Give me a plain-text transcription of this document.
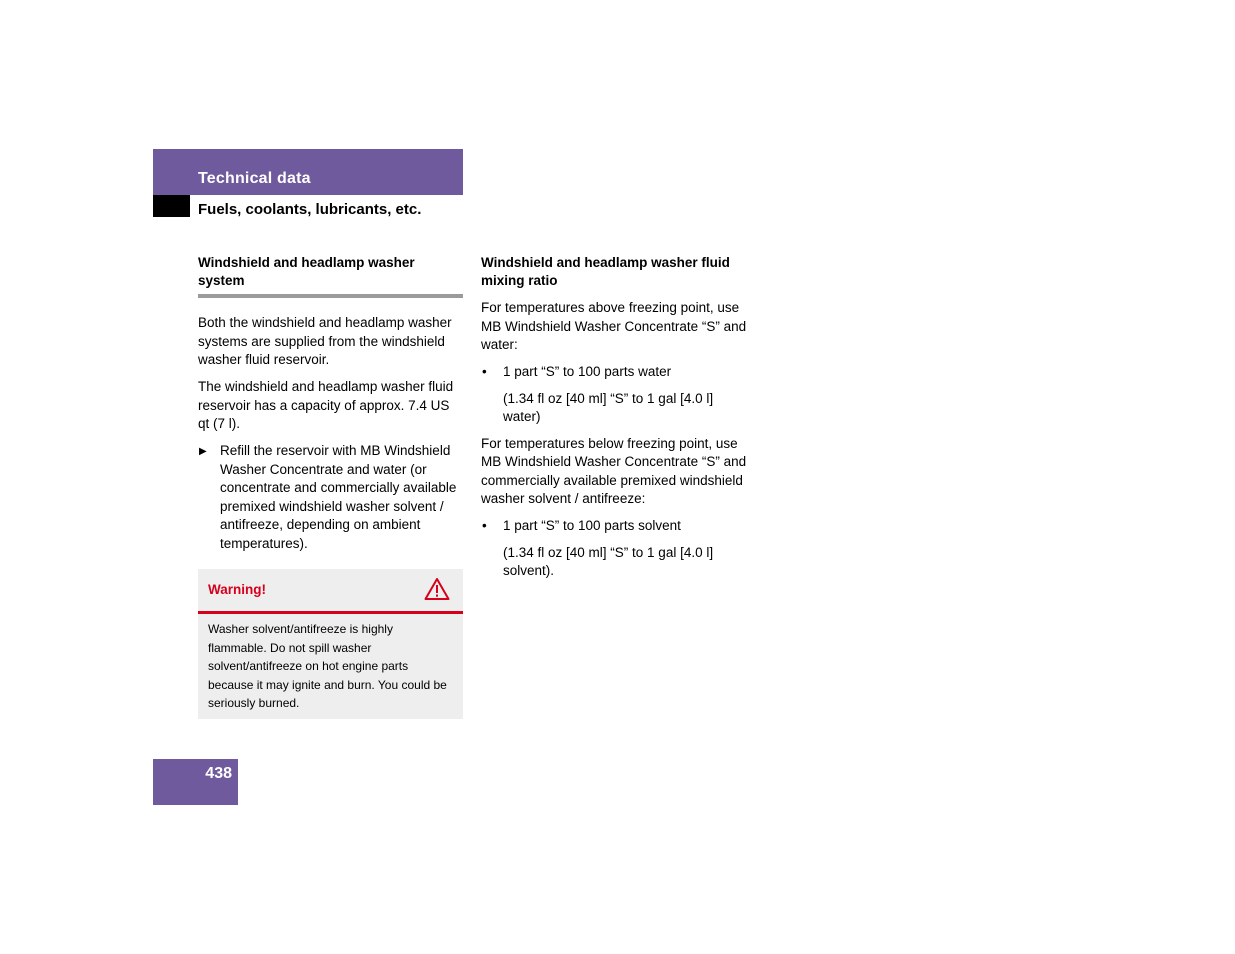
Technical data
Fuels, coolants, lubricants, etc.
Windshield and headlamp washer system

Both the windshield and headlamp washer systems are supplied from the windshield washer fluid reservoir.

The windshield and headlamp washer fluid reservoir has a capacity of approx. 7.4 US qt (7 l).

▶ Refill the reservoir with MB Windshield Washer Concentrate and water (or concentrate and commercially available premixed windshield washer solvent / antifreeze, depending on ambient temperatures).
Warning!
Washer solvent/antifreeze is highly flammable. Do not spill washer solvent/antifreeze on hot engine parts because it may ignite and burn. You could be seriously burned.
Windshield and headlamp washer fluid mixing ratio

For temperatures above freezing point, use MB Windshield Washer Concentrate “S” and water:

• 1 part “S” to 100 parts water
(1.34 fl oz [40 ml] “S” to 1 gal [4.0 l] water)

For temperatures below freezing point, use MB Windshield Washer Concentrate “S” and commercially available premixed windshield washer solvent / antifreeze:

• 1 part “S” to 100 parts solvent
(1.34 fl oz [40 ml] “S” to 1 gal [4.0 l] solvent).
438
